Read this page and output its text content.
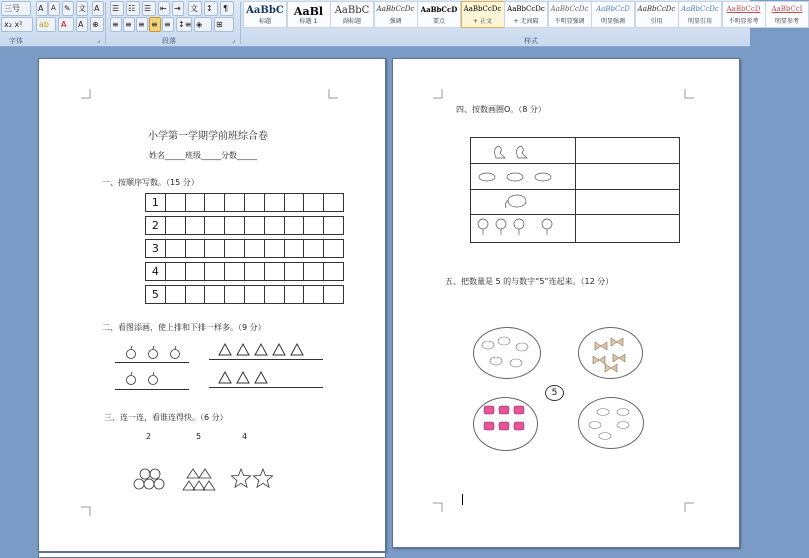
三号 A A ✎ 文 A
x₂ x² ab A A ⊕
字体	⌟
☰ ☷ ☰ ⇤ ⇥ 文 ↕ ¶
≡ ≡ ≡ ≡ ≡ ↕≡ ◈ ⊞
段落	⌟
AaBbC
标题
AaBl
标题 1
AaBbC
副标题
AaBbCcDc
强调
AaBbCcD
要点
AaBbCcDc
+ 正文
AaBbCcDc
+ 无间隔
AaBbCcDc
不明显强调
AaBbCcD
明显强调
AaBbCcDc
引用
AaBbCcDc
明显引用
AaBbCcD
不明显参考
AaBbCcI
明显参考
样式
小学第一学期学前班综合卷
姓名_____班级_____分数_____
一、按顺序写数。（15 分）
1
2
3
4
5
二、看图添画，使上排和下排一样多。（9 分）
三、连一连，看谁连得快。（6 分）
2	5	4
四、按数画圈O。（8 分）
五、把数量是 5 的与数字“5”连起来。（12 分）
5
